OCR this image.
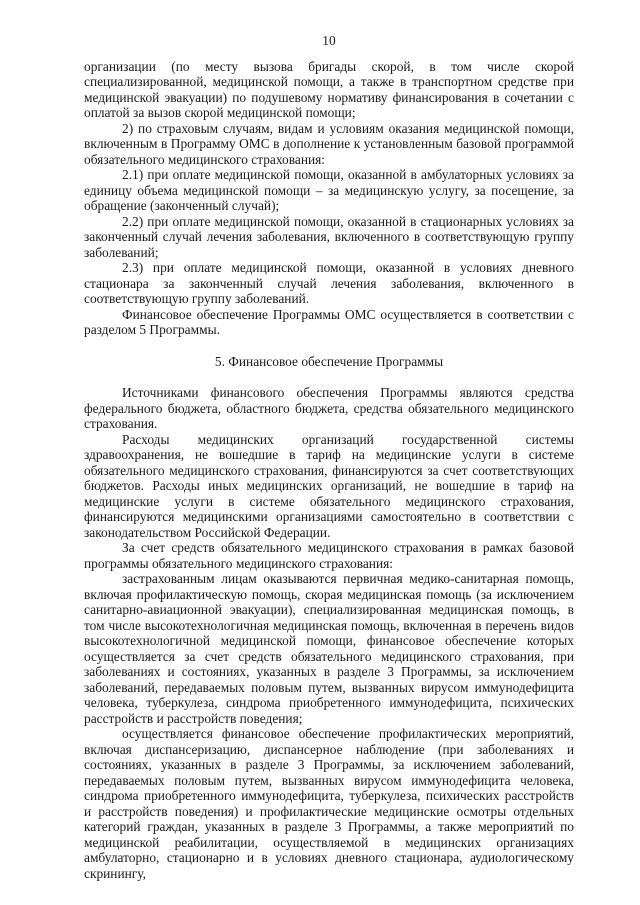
10

организации (по месту вызова бригады скорой, в том числе скорой специализированной, медицинской помощи, а также в транспортном средстве при медицинской эвакуации) по подушевому нормативу финансирования в сочетании с оплатой за вызов скорой медицинской помощи;

2) по страховым случаям, видам и условиям оказания медицинской помощи, включенным в Программу ОМС в дополнение к установленным базовой программой обязательного медицинского страхования:

2.1) при оплате медицинской помощи, оказанной в амбулаторных условиях за единицу объема медицинской помощи – за медицинскую услугу, за посещение, за обращение (законченный случай);

2.2) при оплате медицинской помощи, оказанной в стационарных условиях за законченный случай лечения заболевания, включенного в соответствующую группу заболеваний;

2.3) при оплате медицинской помощи, оказанной в условиях дневного стационара за законченный случай лечения заболевания, включенного в соответствующую группу заболеваний.

Финансовое обеспечение Программы ОМС осуществляется в соответствии с разделом 5 Программы.

5. Финансовое обеспечение Программы

Источниками финансового обеспечения Программы являются средства федерального бюджета, областного бюджета, средства обязательного медицинского страхования.

Расходы медицинских организаций государственной системы здравоохранения, не вошедшие в тариф на медицинские услуги в системе обязательного медицинского страхования, финансируются за счет соответствующих бюджетов. Расходы иных медицинских организаций, не вошедшие в тариф на медицинские услуги в системе обязательного медицинского страхования, финансируются медицинскими организациями самостоятельно в соответствии с законодательством Российской Федерации.

За счет средств обязательного медицинского страхования в рамках базовой программы обязательного медицинского страхования:

застрахованным лицам оказываются первичная медико-санитарная помощь, включая профилактическую помощь, скорая медицинская помощь (за исключением санитарно-авиационной эвакуации), специализированная медицинская помощь, в том числе высокотехнологичная медицинская помощь, включенная в перечень видов высокотехнологичной медицинской помощи, финансовое обеспечение которых осуществляется за счет средств обязательного медицинского страхования, при заболеваниях и состояниях, указанных в разделе 3 Программы, за исключением заболеваний, передаваемых половым путем, вызванных вирусом иммунодефицита человека, туберкулеза, синдрома приобретенного иммунодефицита, психических расстройств и расстройств поведения;

осуществляется финансовое обеспечение профилактических мероприятий, включая диспансеризацию, диспансерное наблюдение (при заболеваниях и состояниях, указанных в разделе 3 Программы, за исключением заболеваний, передаваемых половым путем, вызванных вирусом иммунодефицита человека, синдрома приобретенного иммунодефицита, туберкулеза, психических расстройств и расстройств поведения) и профилактические медицинские осмотры отдельных категорий граждан, указанных в разделе 3 Программы, а также мероприятий по медицинской реабилитации, осуществляемой в медицинских организациях амбулаторно, стационарно и в условиях дневного стационара, аудиологическому скринингу,
